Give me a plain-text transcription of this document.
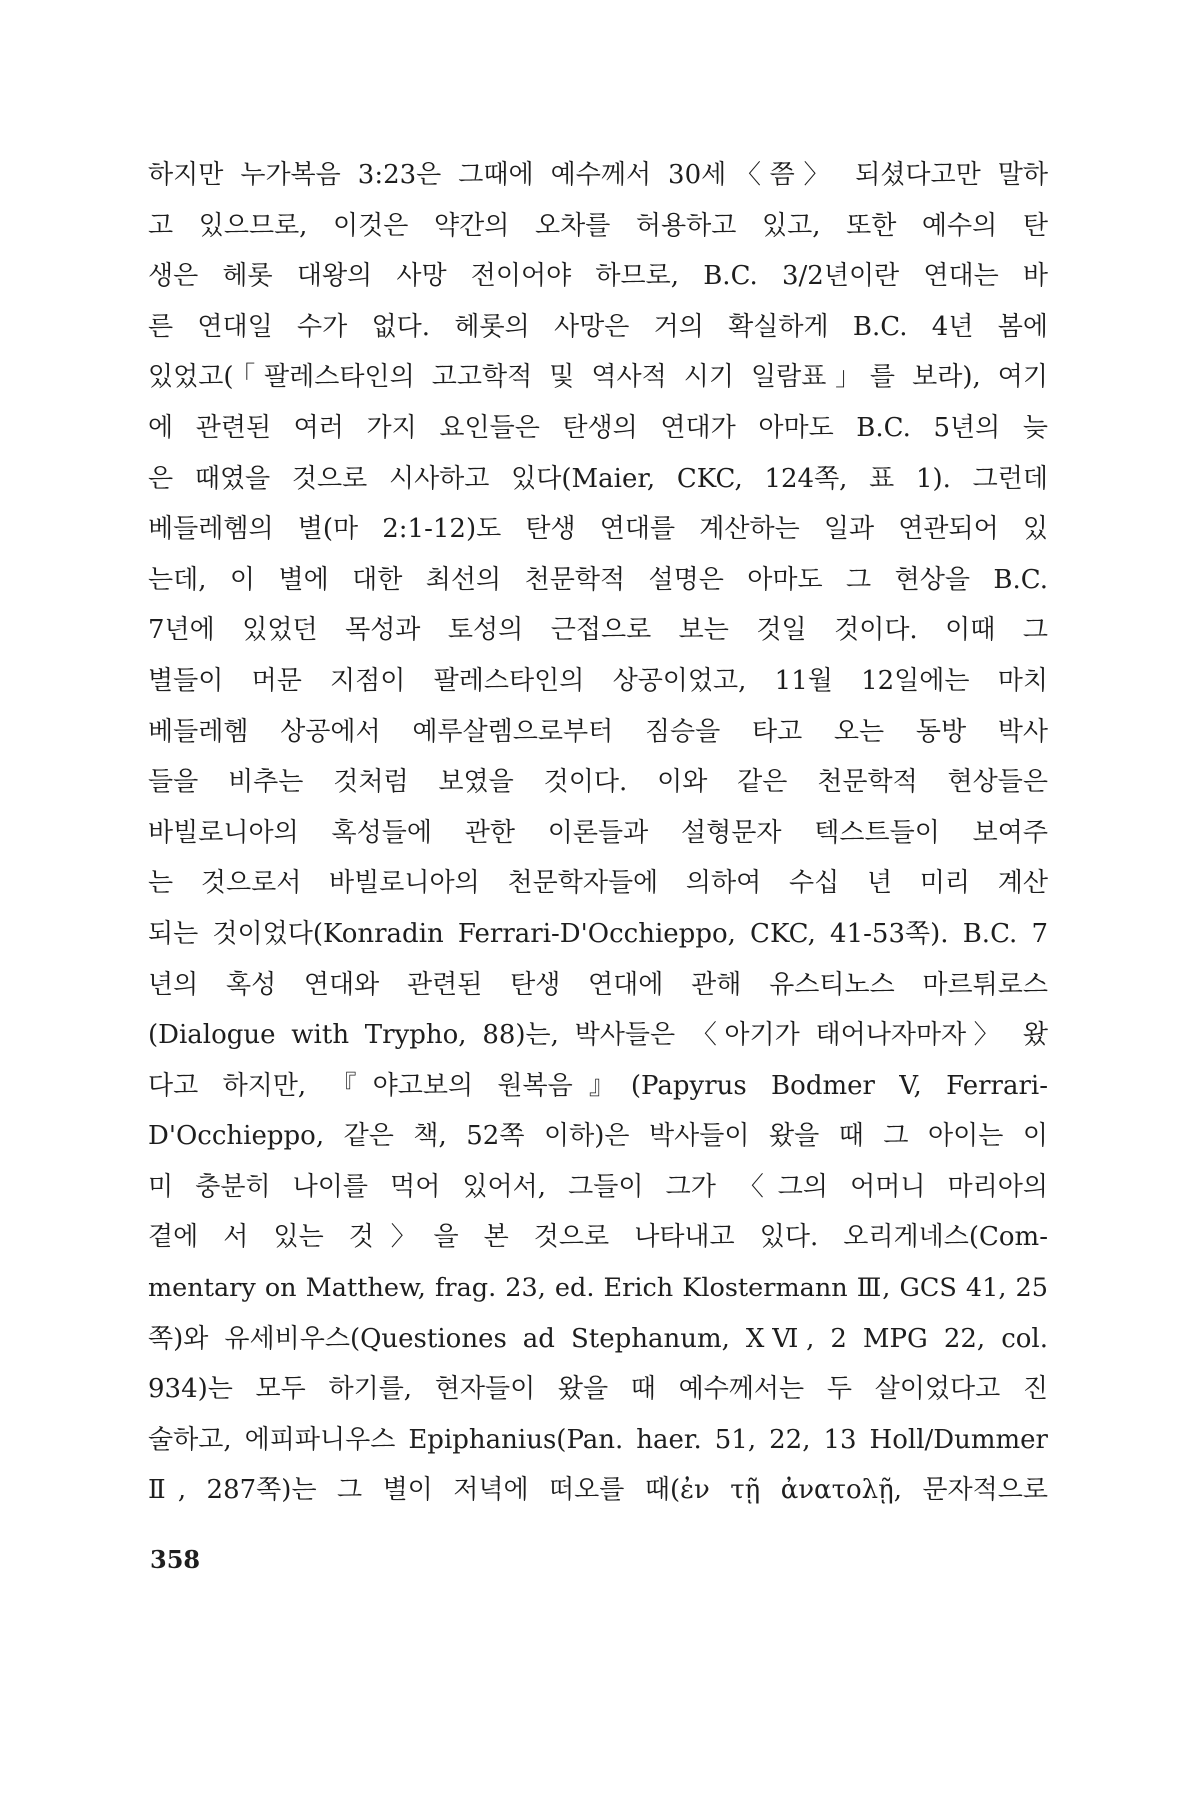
하지만 누가복음 3:23은 그때에 예수께서 30세〈쯤〉 되셨다고만 말하
고 있으므로, 이것은 약간의 오차를 허용하고 있고, 또한 예수의 탄
생은 헤롯 대왕의 사망 전이어야 하므로, B.C. 3/2년이란 연대는 바
른 연대일 수가 없다. 헤롯의 사망은 거의 확실하게 B.C. 4년 봄에
있었고(「팔레스타인의 고고학적 및 역사적 시기 일람표」를 보라), 여기
에 관련된 여러 가지 요인들은 탄생의 연대가 아마도 B.C. 5년의 늦
은 때였을 것으로 시사하고 있다(Maier, CKC, 124쪽, 표 1). 그런데
베들레헴의 별(마 2:1-12)도 탄생 연대를 계산하는 일과 연관되어 있
는데, 이 별에 대한 최선의 천문학적 설명은 아마도 그 현상을 B.C.
7년에 있었던 목성과 토성의 근접으로 보는 것일 것이다. 이때 그
별들이 머문 지점이 팔레스타인의 상공이었고, 11월 12일에는 마치
베들레헴 상공에서 예루살렘으로부터 짐승을 타고 오는 동방 박사
들을 비추는 것처럼 보였을 것이다. 이와 같은 천문학적 현상들은
바빌로니아의 혹성들에 관한 이론들과 설형문자 텍스트들이 보여주
는 것으로서 바빌로니아의 천문학자들에 의하여 수십 년 미리 계산
되는 것이었다(Konradin Ferrari-D'Occhieppo, CKC, 41-53쪽). B.C. 7
년의 혹성 연대와 관련된 탄생 연대에 관해 유스티노스 마르튀로스
(Dialogue with Trypho, 88)는, 박사들은 〈아기가 태어나자마자〉 왔
다고 하지만, 『야고보의 원복음』(Papyrus Bodmer V, Ferrari-
D'Occhieppo, 같은 책, 52쪽 이하)은 박사들이 왔을 때 그 아이는 이
미 충분히 나이를 먹어 있어서, 그들이 그가 〈그의 어머니 마리아의
곁에 서 있는 것〉을 본 것으로 나타내고 있다. 오리게네스(Com-
mentary on Matthew, frag. 23, ed. Erich Klostermann Ⅲ, GCS 41, 25
쪽)와 유세비우스(Questiones ad Stephanum, XⅥ, 2 MPG 22, col.
934)는 모두 하기를, 현자들이 왔을 때 예수께서는 두 살이었다고 진
술하고, 에피파니우스 Epiphanius(Pan. haer. 51, 22, 13 Holl/Dummer
Ⅱ, 287쪽)는 그 별이 저녁에 떠오를 때(ἐν τῇ ἀνατολῇ, 문자적으로
358
